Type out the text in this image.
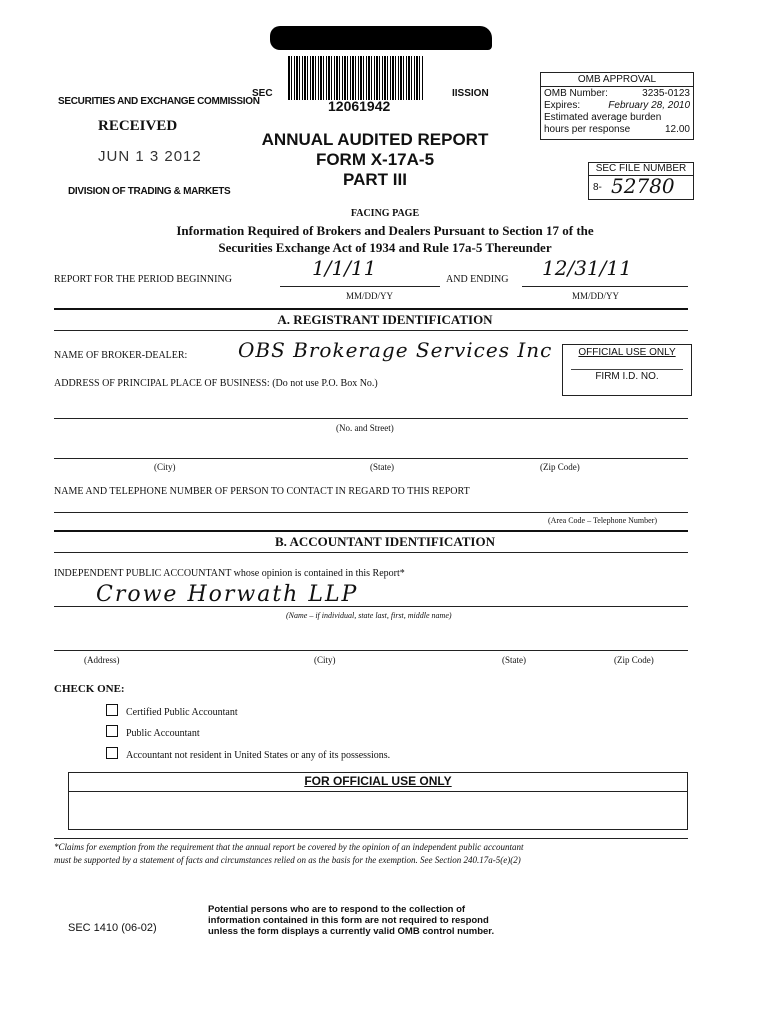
SECURITIES AND EXCHANGE COMMISSION
RECEIVED
JUN 1 3 2012
DIVISION OF TRADING & MARKETS
SEC
12061942
IISSION
OMB APPROVAL
OMB Number:	3235-0123
Expires:	February 28, 2010
Estimated average burden
hours per response	12.00
ANNUAL AUDITED REPORT
FORM X-17A-5
PART III
SEC FILE NUMBER
8- 52780
FACING PAGE
Information Required of Brokers and Dealers Pursuant to Section 17 of the
Securities Exchange Act of 1934 and Rule 17a-5 Thereunder
REPORT FOR THE PERIOD BEGINNING	1/1/11
MM/DD/YY
AND ENDING 12/31/11
MM/DD/YY
A. REGISTRANT IDENTIFICATION
NAME OF BROKER-DEALER:	OBS Brokerage Services Inc	OFFICIAL USE ONLY
FIRM I.D. NO.
ADDRESS OF PRINCIPAL PLACE OF BUSINESS: (Do not use P.O. Box No.)
(No. and Street)
(City)	(State)	(Zip Code)
NAME AND TELEPHONE NUMBER OF PERSON TO CONTACT IN REGARD TO THIS REPORT
(Area Code – Telephone Number)
B. ACCOUNTANT IDENTIFICATION
INDEPENDENT PUBLIC ACCOUNTANT whose opinion is contained in this Report*
Crowe Horwath LLP
(Name – if individual, state last, first, middle name)
(Address)	(City)	(State)	(Zip Code)
CHECK ONE:
Certified Public Accountant
Public Accountant
Accountant not resident in United States or any of its possessions.
FOR OFFICIAL USE ONLY
*Claims for exemption from the requirement that the annual report be covered by the opinion of an independent public accountant
must be supported by a statement of facts and circumstances relied on as the basis for the exemption. See Section 240.17a-5(e)(2)
SEC 1410 (06-02)
Potential persons who are to respond to the collection of
information contained in this form are not required to respond
unless the form displays a currently valid OMB control number.
